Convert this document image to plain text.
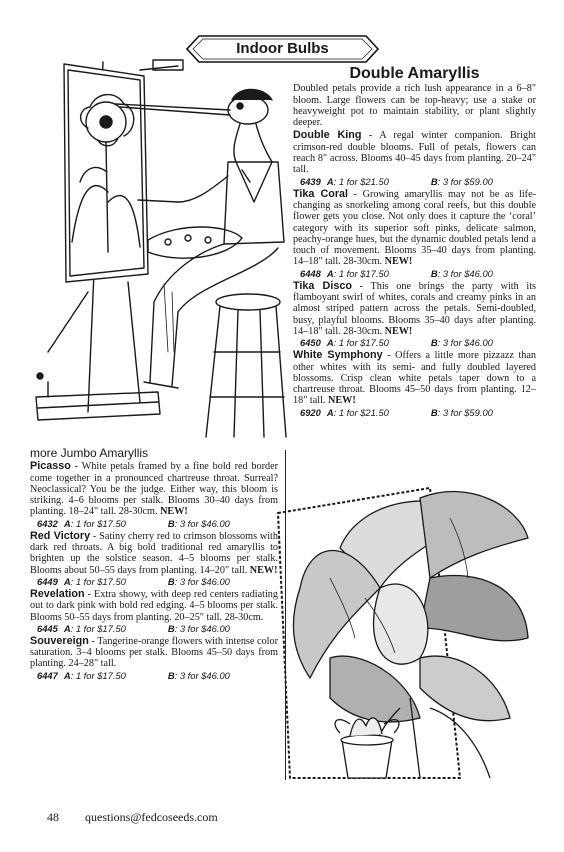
Indoor Bulbs
more Jumbo Amaryllis

Picasso - White petals framed by a fine bold red border come together in a pronounced chartreuse throat. Surreal? Neoclassical? You be the judge. Either way, this bloom is striking. 4–6 blooms per stalk. Blooms 30–40 days from planting. 18–24" tall. 28-30cm. NEW!

6432 A: 1 for $17.50	B: 3 for $46.00

Red Victory - Satiny cherry red to crimson blossoms with dark red throats. A big bold traditional red amaryllis to brighten up the solstice season. 4–5 blooms per stalk. Blooms about 50–55 days from planting. 14–20" tall. NEW!

6449 A: 1 for $17.50	B: 3 for $46.00

Revelation - Extra showy, with deep red centers radiating out to dark pink with bold red edging. 4–5 blooms per stalk. Blooms 50–55 days from planting. 20–25" tall. 28-30cm.

6445 A: 1 for $17.50	B: 3 for $46.00

Souvereign - Tangerine-orange flowers with intense color saturation. 3–4 blooms per stalk. Blooms 45–50 days from planting. 24–28" tall.

6447 A: 1 for $17.50	B: 3 for $46.00
Double Amaryllis

Doubled petals provide a rich lush appearance in a 6–8" bloom. Large flowers can be top-heavy; use a stake or heavyweight pot to maintain stability, or plant slightly deeper.

Double King - A regal winter companion. Bright crimson-red double blooms. Full of petals, flowers can reach 8" across. Blooms 40–45 days from planting. 20–24" tall.

6439 A: 1 for $21.50	B: 3 for $59.00

Tika Coral - Growing amaryllis may not be as life-changing as snorkeling among coral reefs, but this double flower gets you close. Not only does it capture the ‘coral’ category with its superior soft pinks, delicate salmon, peachy-orange hues, but the dynamic doubled petals lend a touch of movement. Blooms 35–40 days from planting. 14–18" tall. 28-30cm. NEW!

6448 A: 1 for $17.50	B: 3 for $46.00

Tika Disco - This one brings the party with its flamboyant swirl of whites, corals and creamy pinks in an almost striped pattern across the petals. Semi-doubled, busy, playful blooms. Blooms 35–40 days after planting. 14–18" tall. 28-30cm. NEW!

6450 A: 1 for $17.50	B: 3 for $46.00

White Symphony - Offers a little more pizzazz than other whites with its semi- and fully doubled layered blossoms. Crisp clean white petals taper down to a chartreuse throat. Blooms 45–50 days from planting. 12–18" tall. NEW!

6920 A: 1 for $21.50	B: 3 for $59.00
48 questions@fedcoseeds.com
